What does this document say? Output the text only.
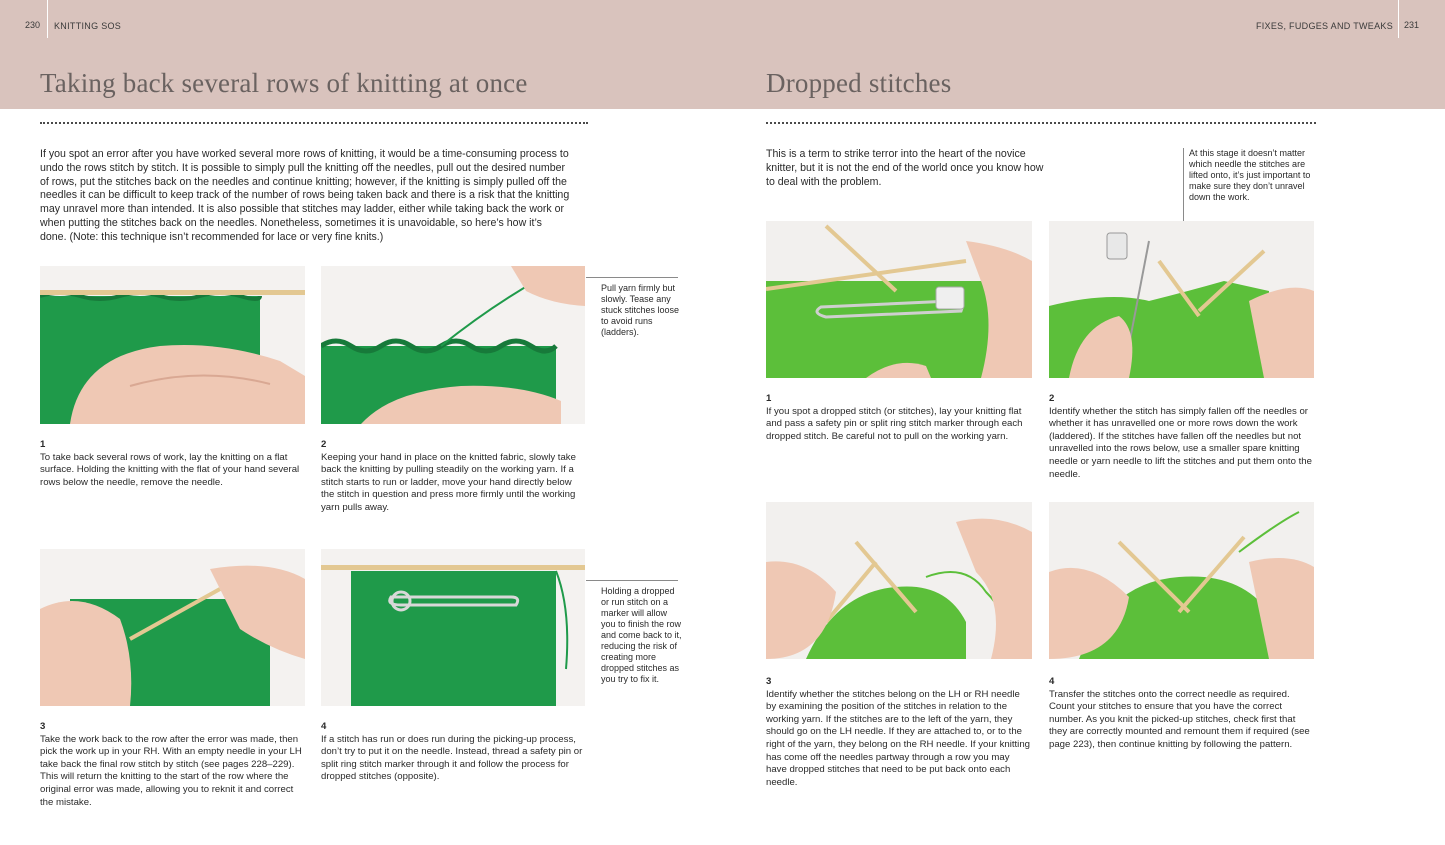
230 KNITTING SOS	FIXES, FUDGES AND TWEAKS 231
Taking back several rows of knitting at once	Dropped stitches
If you spot an error after you have worked several more rows of knitting, it would be a time-consuming process to undo the rows stitch by stitch. It is possible to simply pull the knitting off the needles, pull out the desired number of rows, put the stitches back on the needles and continue knitting; however, if the knitting is simply pulled off the needles it can be difficult to keep track of the number of rows being taken back and there is a risk that the knitting may unravel more than intended. It is also possible that stitches may ladder, either while taking back the work or when putting the stitches back on the needles. Nonetheless, sometimes it is unavoidable, so here’s how it’s done. (Note: this technique isn’t recommended for lace or very fine knits.)
Pull yarn firmly but slowly. Tease any stuck stitches loose to avoid runs (ladders).
1
To take back several rows of work, lay the knitting on a flat surface. Holding the knitting with the flat of your hand several rows below the needle, remove the needle.
2
Keeping your hand in place on the knitted fabric, slowly take back the knitting by pulling steadily on the working yarn. If a stitch starts to run or ladder, move your hand directly below the stitch in question and press more firmly until the working yarn pulls away.
Holding a dropped or run stitch on a marker will allow you to finish the row and come back to it, reducing the risk of creating more dropped stitches as you try to fix it.
3
Take the work back to the row after the error was made, then pick the work up in your RH. With an empty needle in your LH take back the final row stitch by stitch (see pages 228–229). This will return the knitting to the start of the row where the original error was made, allowing you to reknit it and correct the mistake.
4
If a stitch has run or does run during the picking-up process, don’t try to put it on the needle. Instead, thread a safety pin or split ring stitch marker through it and follow the process for dropped stitches (opposite).
This is a term to strike terror into the heart of the novice knitter, but it is not the end of the world once you know how to deal with the problem.
At this stage it doesn’t matter which needle the stitches are lifted onto, it’s just important to make sure they don’t unravel down the work.
1
If you spot a dropped stitch (or stitches), lay your knitting flat and pass a safety pin or split ring stitch marker through each dropped stitch. Be careful not to pull on the working yarn.
2
Identify whether the stitch has simply fallen off the needles or whether it has unravelled one or more rows down the work (laddered). If the stitches have fallen off the needles but not unravelled into the rows below, use a smaller spare knitting needle or yarn needle to lift the stitches and put them onto the needle.
3
Identify whether the stitches belong on the LH or RH needle by examining the position of the stitches in relation to the working yarn. If the stitches are to the left of the yarn, they should go on the LH needle. If they are attached to, or to the right of the yarn, they belong on the RH needle. If your knitting has come off the needles partway through a row you may have dropped stitches that need to be put back onto each needle.
4
Transfer the stitches onto the correct needle as required. Count your stitches to ensure that you have the correct number. As you knit the picked-up stitches, check first that they are correctly mounted and remount them if required (see page 223), then continue knitting by following the pattern.
